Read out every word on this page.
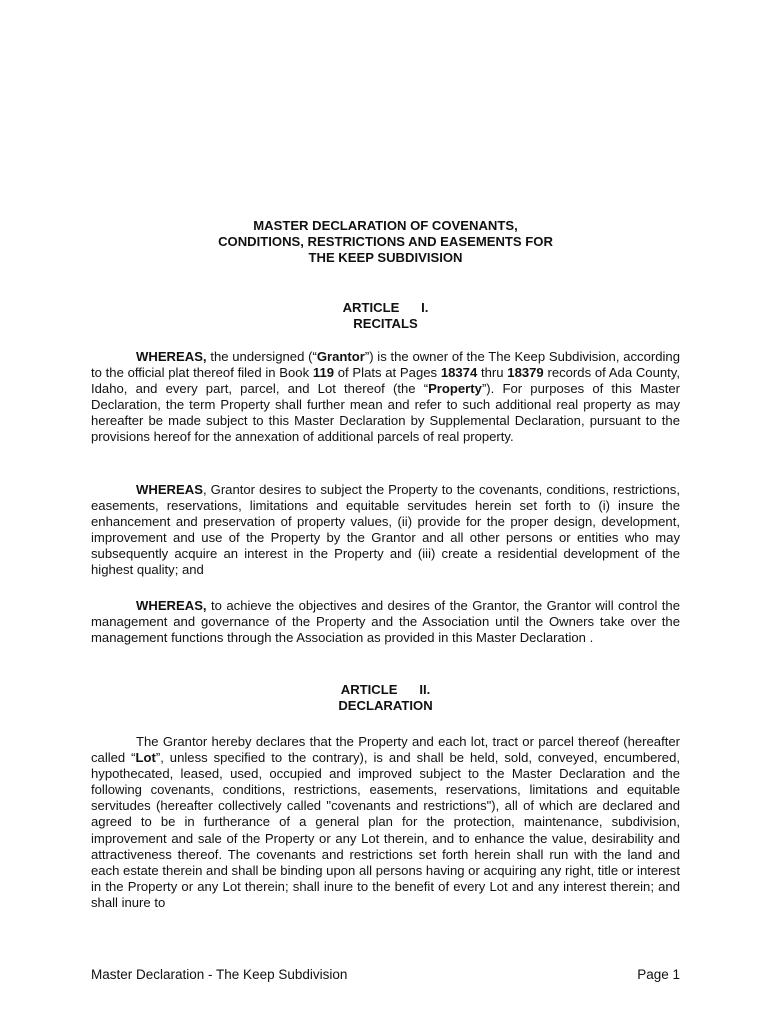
MASTER DECLARATION OF COVENANTS,
CONDITIONS, RESTRICTIONS AND EASEMENTS FOR
THE KEEP SUBDIVISION
ARTICLE      I.
RECITALS

WHEREAS, the undersigned (“Grantor”) is the owner of the The Keep Subdivision, according to the official plat thereof filed in Book 119 of Plats at Pages 18374 thru 18379 records of Ada County, Idaho, and every part, parcel, and Lot thereof (the “Property”). For purposes of this Master Declaration, the term Property shall further mean and refer to such additional real property as may hereafter be made subject to this Master Declaration by Supplemental Declaration, pursuant to the provisions hereof for the annexation of additional parcels of real property.

WHEREAS, Grantor desires to subject the Property to the covenants, conditions, restrictions, easements, reservations, limitations and equitable servitudes herein set forth to (i) insure the enhancement and preservation of property values, (ii) provide for the proper design, development, improvement and use of the Property by the Grantor and all other persons or entities who may subsequently acquire an interest in the Property and (iii) create a residential development of the highest quality; and

WHEREAS, to achieve the objectives and desires of the Grantor, the Grantor will control the management and governance of the Property and the Association until the Owners take over the management functions through the Association as provided in this Master Declaration .

ARTICLE      II.
DECLARATION

The Grantor hereby declares that the Property and each lot, tract or parcel thereof (hereafter called “Lot”, unless specified to the contrary), is and shall be held, sold, conveyed, encumbered, hypothecated, leased, used, occupied and improved subject to the Master Declaration and the following covenants, conditions, restrictions, easements, reservations, limitations and equitable servitudes (hereafter collectively called "covenants and restrictions"), all of which are declared and agreed to be in furtherance of a general plan for the protection, maintenance, subdivision, improvement and sale of the Property or any Lot therein, and to enhance the value, desirability and attractiveness thereof. The covenants and restrictions set forth herein shall run with the land and each estate therein and shall be binding upon all persons having or acquiring any right, title or interest in the Property or any Lot therein; shall inure to the benefit of every Lot and any interest therein; and shall inure to

Master Declaration - The Keep Subdivision	Page 1
